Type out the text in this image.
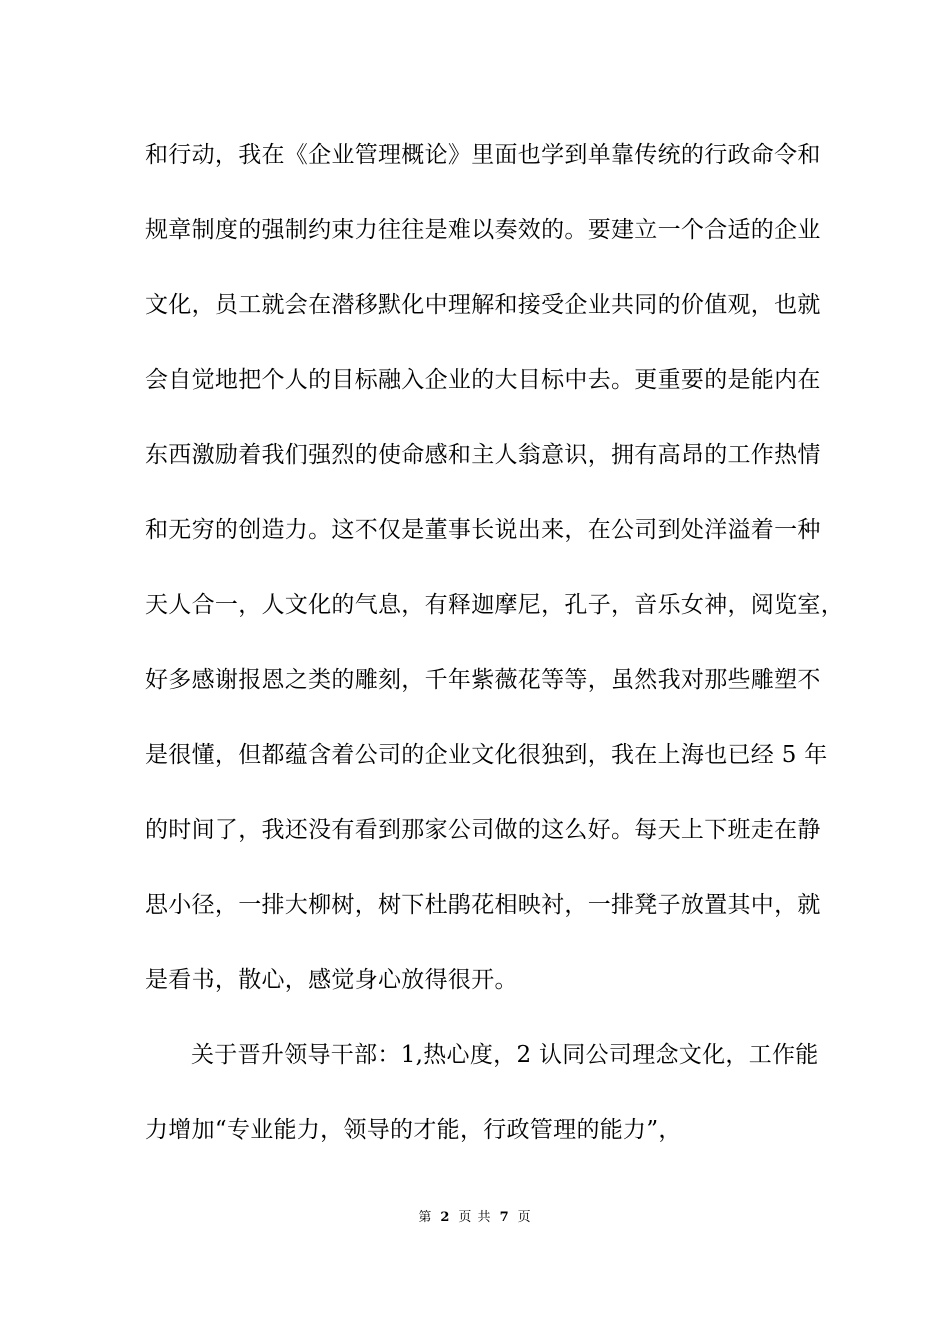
和行动，我在《企业管理概论》里面也学到单靠传统的行政命令和
规章制度的强制约束力往往是难以奏效的。要建立一个合适的企业
文化，员工就会在潜移默化中理解和接受企业共同的价值观，也就
会自觉地把个人的目标融入企业的大目标中去。更重要的是能内在
东西激励着我们强烈的使命感和主人翁意识，拥有高昂的工作热情
和无穷的创造力。这不仅是董事长说出来，在公司到处洋溢着一种
天人合一，人文化的气息，有释迦摩尼，孔子，音乐女神，阅览室，
好多感谢报恩之类的雕刻，千年紫薇花等等，虽然我对那些雕塑不
是很懂，但都蕴含着公司的企业文化很独到，我在上海也已经 5 年
的时间了，我还没有看到那家公司做的这么好。每天上下班走在静
思小径，一排大柳树，树下杜鹃花相映衬，一排凳子放置其中，就
是看书，散心，感觉身心放得很开。
关于晋升领导干部：1,热心度，2 认同公司理念文化，工作能
力增加“专业能力，领导的才能，行政管理的能力”，
第 2 页 共 7 页
